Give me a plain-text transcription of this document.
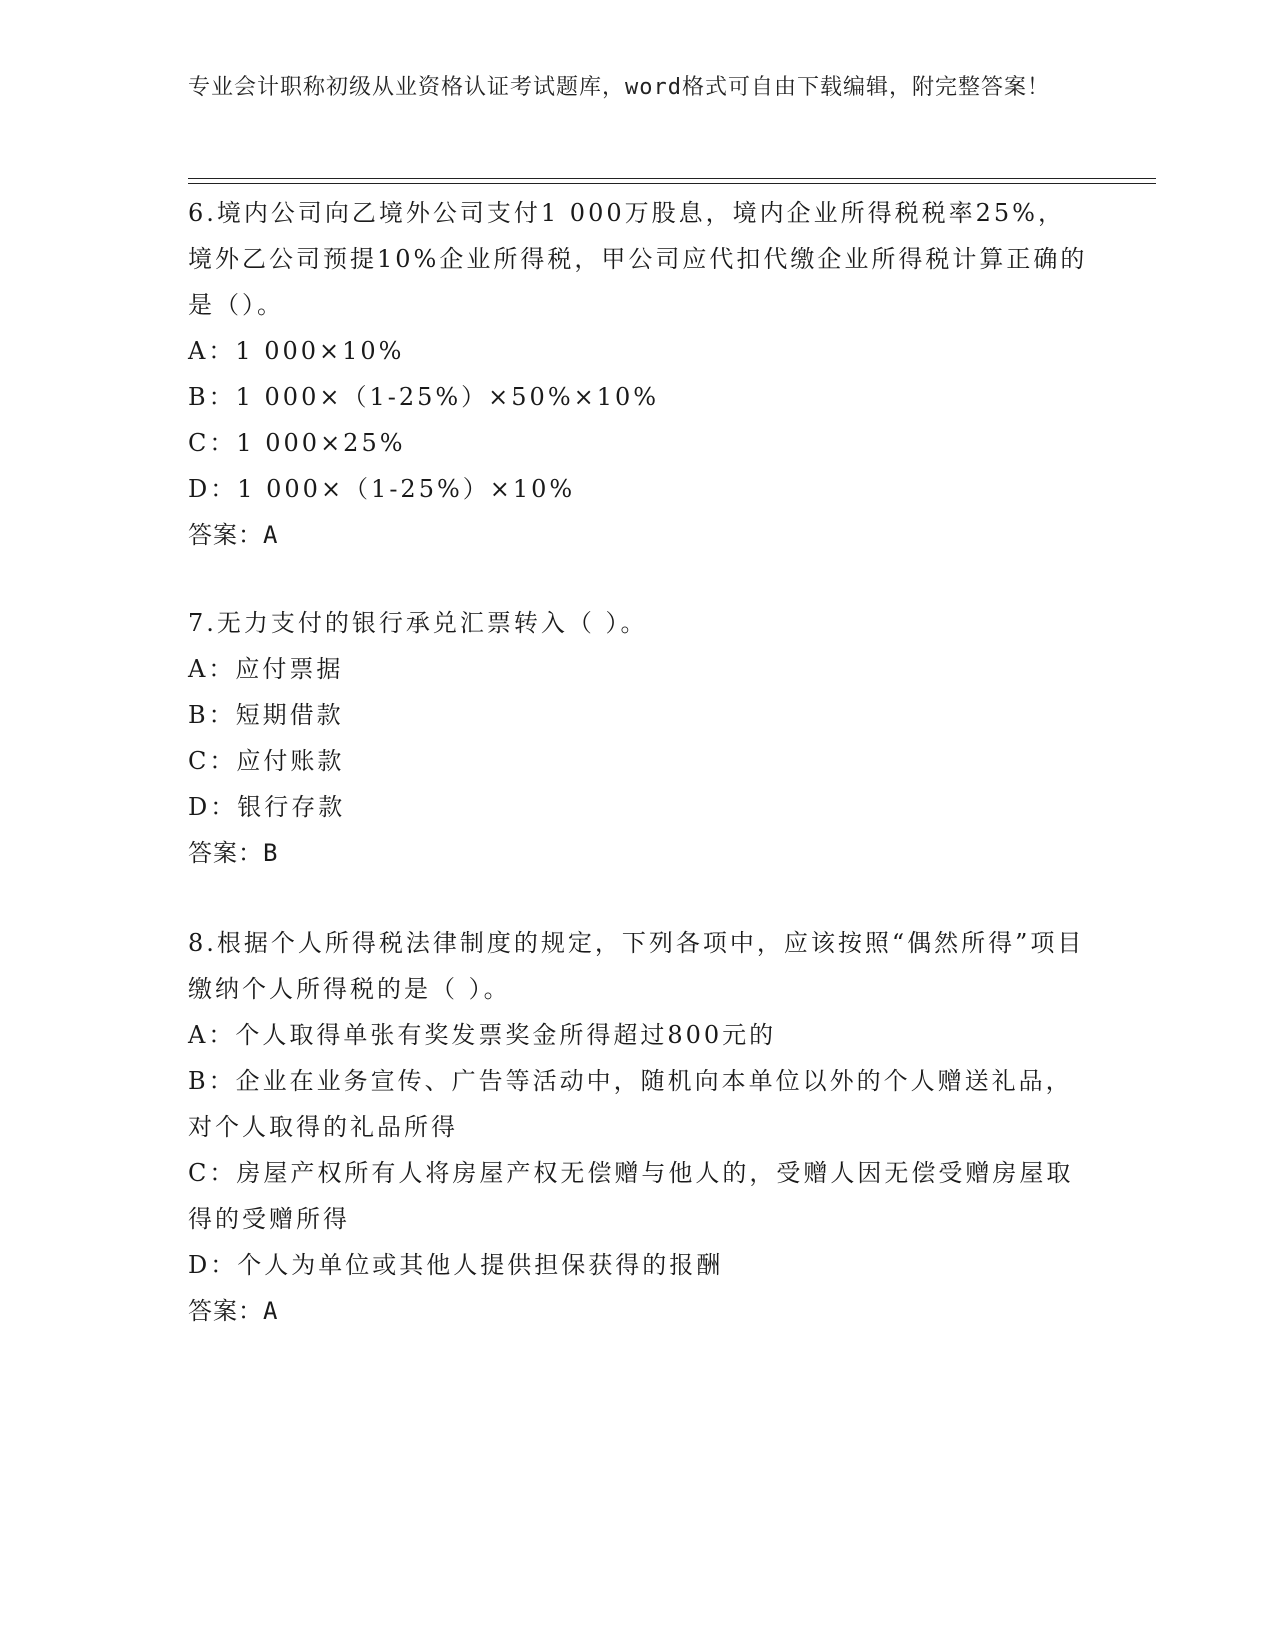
专业会计职称初级从业资格认证考试题库，word格式可自由下载编辑，附完整答案！

6.境内公司向乙境外公司支付1 000万股息，境内企业所得税税率25%，境外乙公司预提10%企业所得税，甲公司应代扣代缴企业所得税计算正确的是（）。

A：1 000×10%

B：1 000×（1-25%）×50%×10%

C：1 000×25%

D：1 000×（1-25%）×10%

答案：A

7.无力支付的银行承兑汇票转入（ ）。

A：应付票据

B：短期借款

C：应付账款

D：银行存款

答案：B

8.根据个人所得税法律制度的规定，下列各项中，应该按照“偶然所得”项目缴纳个人所得税的是（ ）。

A：个人取得单张有奖发票奖金所得超过800元的

B：企业在业务宣传、广告等活动中，随机向本单位以外的个人赠送礼品，对个人取得的礼品所得

C：房屋产权所有人将房屋产权无偿赠与他人的，受赠人因无偿受赠房屋取得的受赠所得

D：个人为单位或其他人提供担保获得的报酬

答案：A
